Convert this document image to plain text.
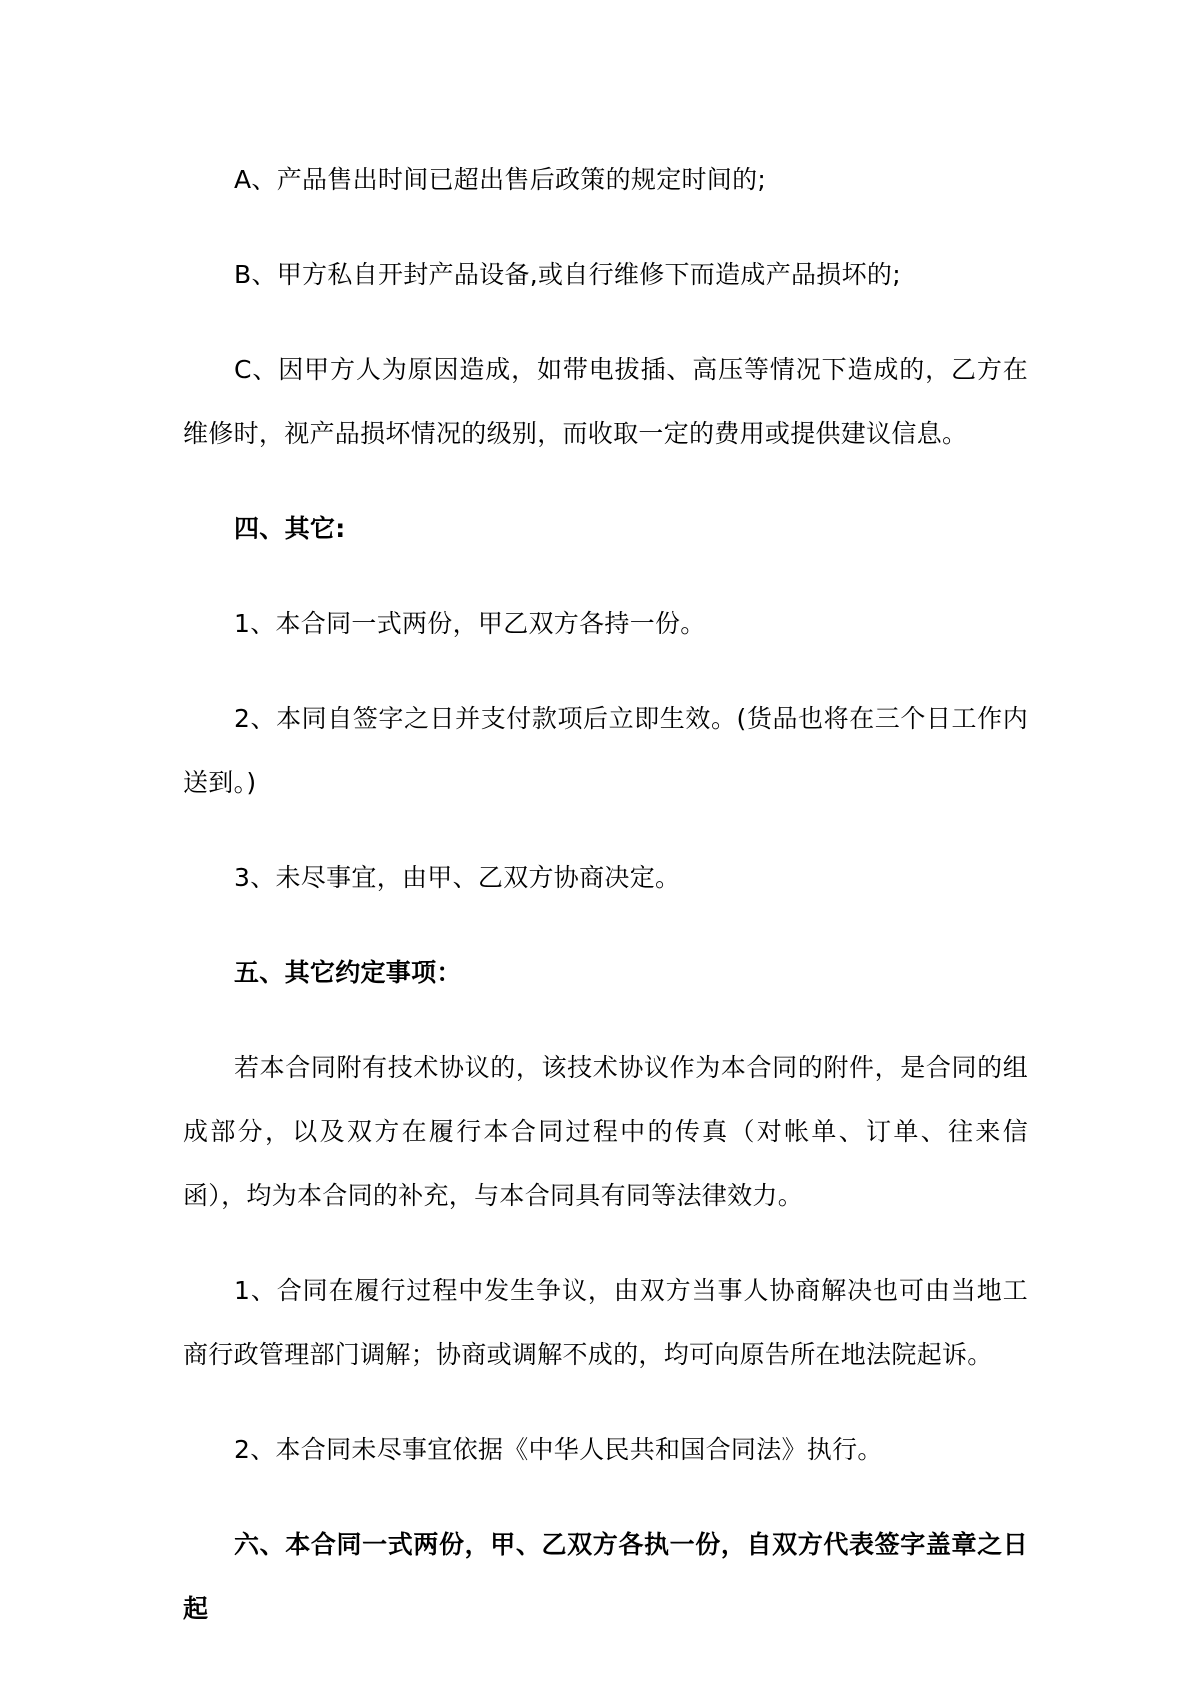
A、产品售出时间已超出售后政策的规定时间的;

B、甲方私自开封产品设备,或自行维修下而造成产品损坏的;

C、因甲方人为原因造成，如带电拔插、高压等情况下造成的，乙方在维修时，视产品损坏情况的级别，而收取一定的费用或提供建议信息。

四、其它:

1、本合同一式两份，甲乙双方各持一份。

2、本同自签字之日并支付款项后立即生效。(货品也将在三个日工作内送到。)

3、未尽事宜，由甲、乙双方协商决定。

五、其它约定事项：

若本合同附有技术协议的，该技术协议作为本合同的附件，是合同的组成部分，以及双方在履行本合同过程中的传真（对帐单、订单、往来信函），均为本合同的补充，与本合同具有同等法律效力。

1、合同在履行过程中发生争议，由双方当事人协商解决也可由当地工商行政管理部门调解；协商或调解不成的，均可向原告所在地法院起诉。

2、本合同未尽事宜依据《中华人民共和国合同法》执行。

六、本合同一式两份，甲、乙双方各执一份，自双方代表签字盖章之日起
